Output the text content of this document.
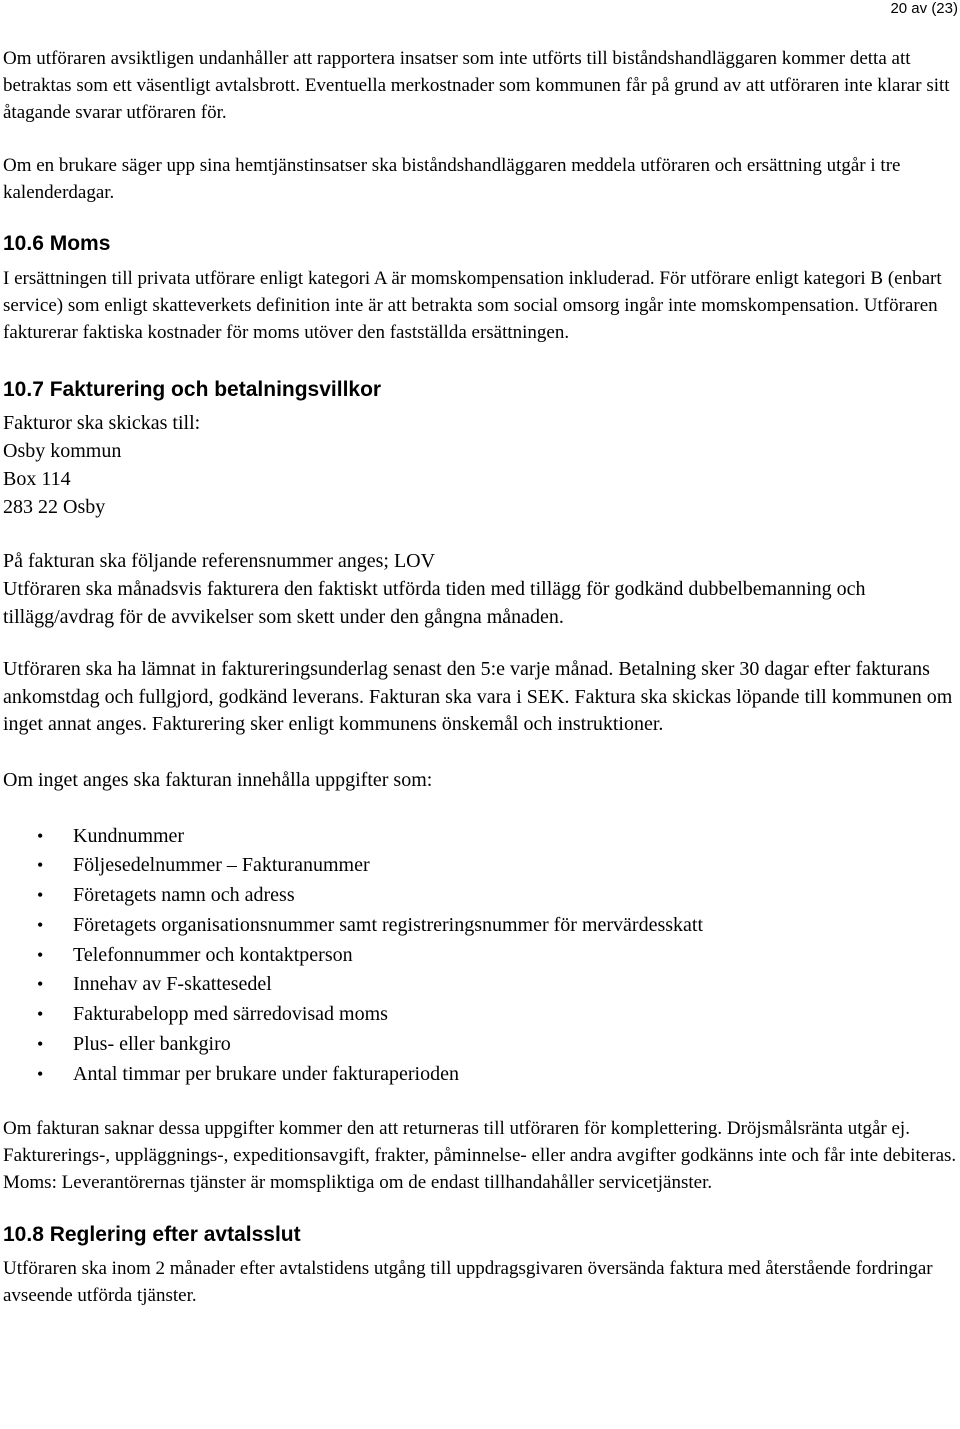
20 av (23)

Om utföraren avsiktligen undanhåller att rapportera insatser som inte utförts till biståndshandläggaren kommer detta att betraktas som ett väsentligt avtalsbrott. Eventuella merkostnader som kommunen får på grund av att utföraren inte klarar sitt åtagande svarar utföraren för.

Om en brukare säger upp sina hemtjänstinsatser ska biståndshandläggaren meddela utföraren och ersättning utgår i tre kalenderdagar.

10.6 Moms

I ersättningen till privata utförare enligt kategori A är momskompensation inkluderad. För utförare enligt kategori B (enbart service) som enligt skatteverkets definition inte är att betrakta som social omsorg ingår inte momskompensation. Utföraren fakturerar faktiska kostnader för moms utöver den fastställda ersättningen.

10.7 Fakturering och betalningsvillkor

Fakturor ska skickas till:

Osby kommun

Box 114

283 22 Osby

På fakturan ska följande referensnummer anges; LOV

Utföraren ska månadsvis fakturera den faktiskt utförda tiden med tillägg för godkänd dubbelbemanning och tillägg/avdrag för de avvikelser som skett under den gångna månaden.

Utföraren ska ha lämnat in faktureringsunderlag senast den 5:e varje månad. Betalning sker 30 dagar efter fakturans ankomstdag och fullgjord, godkänd leverans. Fakturan ska vara i SEK. Faktura ska skickas löpande till kommunen om inget annat anges. Fakturering sker enligt kommunens önskemål och instruktioner.

Om inget anges ska fakturan innehålla uppgifter som:

• Kundnummer
• Följesedelnummer – Fakturanummer
• Företagets namn och adress
• Företagets organisationsnummer samt registreringsnummer för mervärdesskatt
• Telefonnummer och kontaktperson
• Innehav av F-skattesedel
• Fakturabelopp med särredovisad moms
• Plus- eller bankgiro
• Antal timmar per brukare under fakturaperioden

Om fakturan saknar dessa uppgifter kommer den att returneras till utföraren för komplettering. Dröjsmålsränta utgår ej. Fakturerings-, uppläggnings-, expeditionsavgift, frakter, påminnelse- eller andra avgifter godkänns inte och får inte debiteras. Moms: Leverantörernas tjänster är momspliktiga om de endast tillhandahåller servicetjänster.

10.8 Reglering efter avtalsslut

Utföraren ska inom 2 månader efter avtalstidens utgång till uppdragsgivaren översända faktura med återstående fordringar avseende utförda tjänster.
